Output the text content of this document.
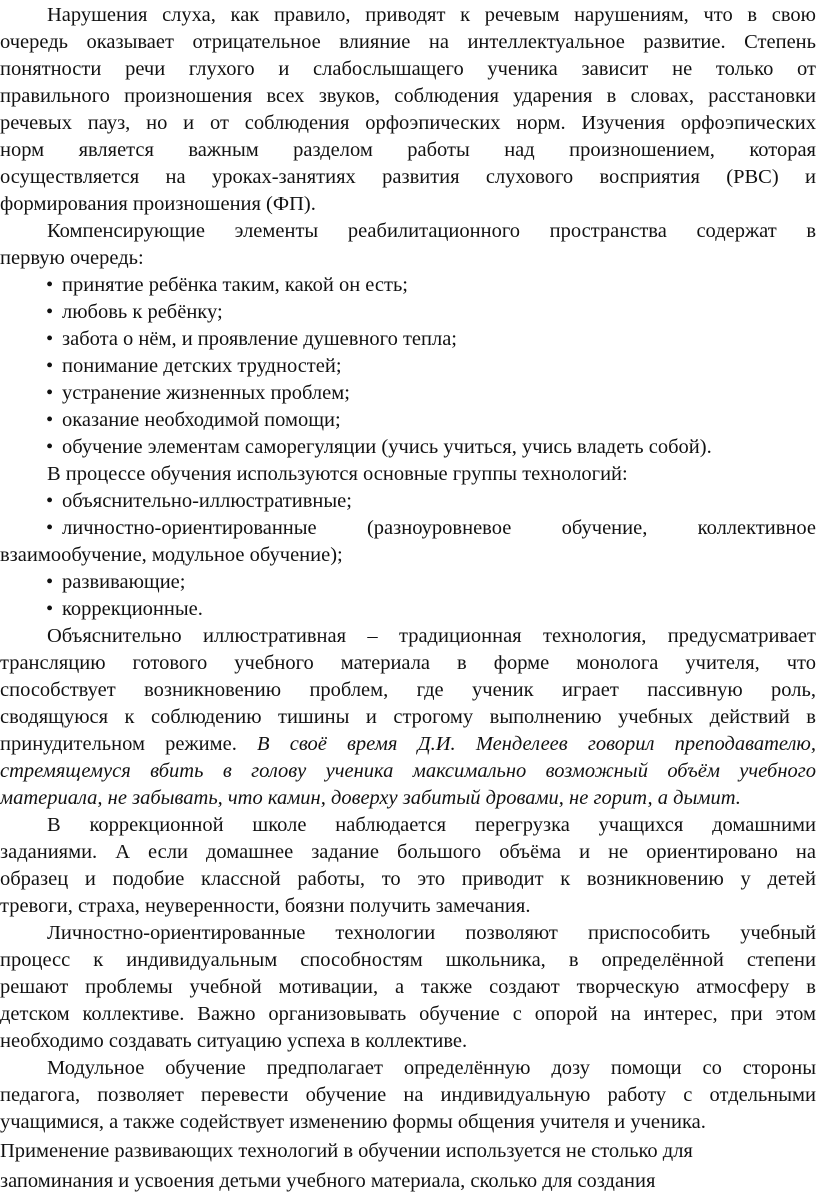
Нарушения слуха, как правило, приводят к речевым нарушениям, что в свою
очередь оказывает отрицательное влияние на интеллектуальное развитие. Степень
понятности речи глухого и слабослышащего ученика зависит не только от
правильного произношения всех звуков, соблюдения ударения в словах, расстановки
речевых пауз, но и от соблюдения орфоэпических норм. Изучения орфоэпических
норм является важным разделом работы над произношением, которая
осуществляется на уроках-занятиях развития слухового восприятия (РВС) и
формирования произношения (ФП).
Компенсирующие элементы реабилитационного пространства содержат в
первую очередь:
• принятие ребёнка таким, какой он есть;
• любовь к ребёнку;
• забота о нём, и проявление душевного тепла;
• понимание детских трудностей;
• устранение жизненных проблем;
• оказание необходимой помощи;
• обучение элементам саморегуляции (учись учиться, учись владеть собой).
В процессе обучения используются основные группы технологий:
• объяснительно-иллюстративные;
• личностно-ориентированные (разноуровневое обучение, коллективное
взаимообучение, модульное обучение);
• развивающие;
• коррекционные.
Объяснительно иллюстративная – традиционная технология, предусматривает
трансляцию готового учебного материала в форме монолога учителя, что
способствует возникновению проблем, где ученик играет пассивную роль,
сводящуюся к соблюдению тишины и строгому выполнению учебных действий в
принудительном режиме. В своё время Д.И. Менделеев говорил преподавателю,
стремящемуся вбить в голову ученика максимально возможный объём учебного
материала, не забывать, что камин, доверху забитый дровами, не горит, а дымит.
В коррекционной школе наблюдается перегрузка учащихся домашними
заданиями. А если домашнее задание большого объёма и не ориентировано на
образец и подобие классной работы, то это приводит к возникновению у детей
тревоги, страха, неуверенности, боязни получить замечания.
Личностно-ориентированные технологии позволяют приспособить учебный
процесс к индивидуальным способностям школьника, в определённой степени
решают проблемы учебной мотивации, а также создают творческую атмосферу в
детском коллективе. Важно организовывать обучение с опорой на интерес, при этом
необходимо создавать ситуацию успеха в коллективе.
Модульное обучение предполагает определённую дозу помощи со стороны
педагога, позволяет перевести обучение на индивидуальную работу с отдельными
учащимися, а также содействует изменению формы общения учителя и ученика.
Применение развивающих технологий в обучении используется не столько для
запоминания и усвоения детьми учебного материала, сколько для создания
